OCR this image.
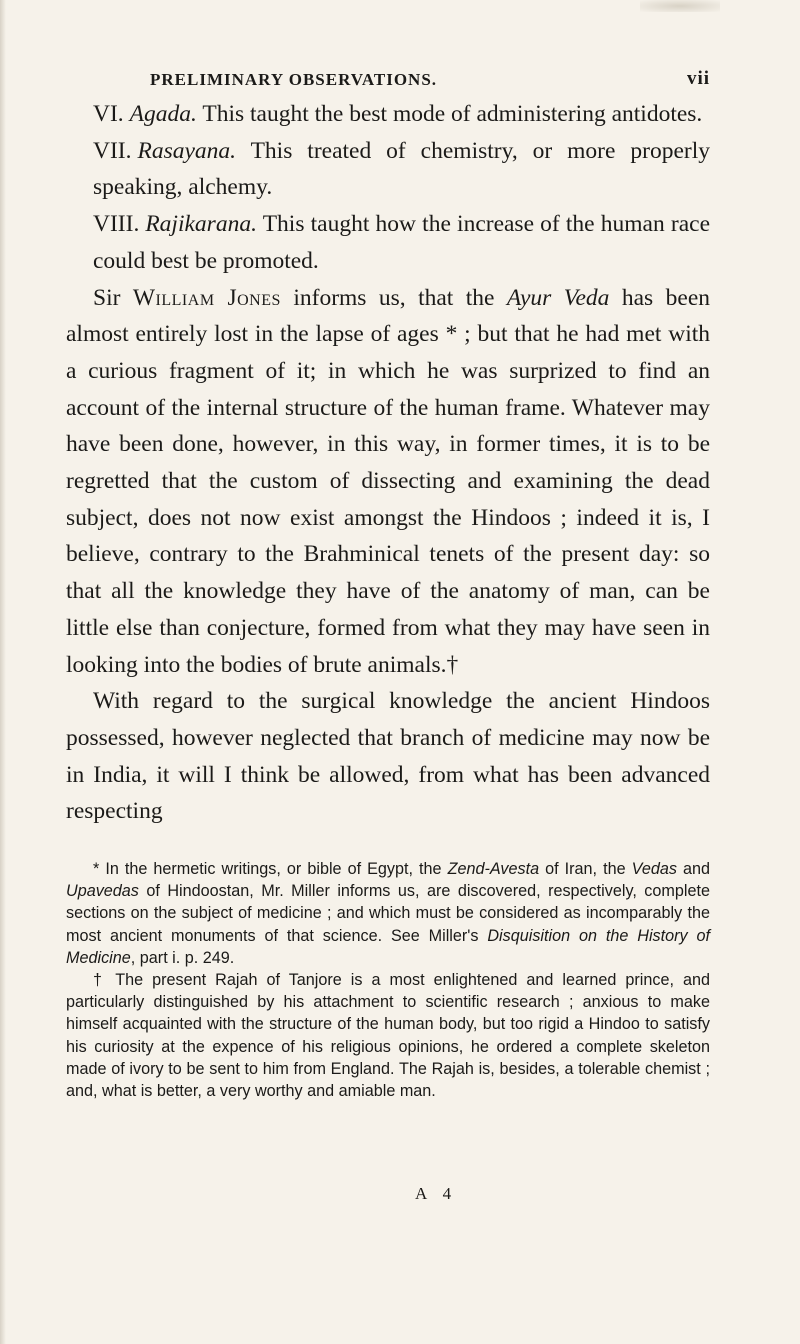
PRELIMINARY OBSERVATIONS.	vii

VI. Agada. This taught the best mode of administering antidotes.

VII. Rasayana. This treated of chemistry, or more properly speaking, alchemy.

VIII. Rajikarana. This taught how the increase of the human race could best be promoted.

Sir William Jones informs us, that the Ayur Veda has been almost entirely lost in the lapse of ages * ; but that he had met with a curious fragment of it; in which he was surprized to find an account of the internal structure of the human frame. Whatever may have been done, however, in this way, in former times, it is to be regretted that the custom of dissecting and examining the dead subject, does not now exist amongst the Hindoos ; indeed it is, I believe, contrary to the Brahminical tenets of the present day: so that all the knowledge they have of the anatomy of man, can be little else than conjecture, formed from what they may have seen in looking into the bodies of brute animals.†

With regard to the surgical knowledge the ancient Hindoos possessed, however neglected that branch of medicine may now be in India, it will I think be allowed, from what has been advanced respecting

* In the hermetic writings, or bible of Egypt, the Zend-Avesta of Iran, the Vedas and Upavedas of Hindoostan, Mr. Miller informs us, are discovered, respectively, complete sections on the subject of medicine ; and which must be considered as incomparably the most ancient monuments of that science. See Miller's Disquisition on the History of Medicine, part i. p. 249.

† The present Rajah of Tanjore is a most enlightened and learned prince, and particularly distinguished by his attachment to scientific research ; anxious to make himself acquainted with the structure of the human body, but too rigid a Hindoo to satisfy his curiosity at the expence of his religious opinions, he ordered a complete skeleton made of ivory to be sent to him from England. The Rajah is, besides, a tolerable chemist ; and, what is better, a very worthy and amiable man.

A 4
